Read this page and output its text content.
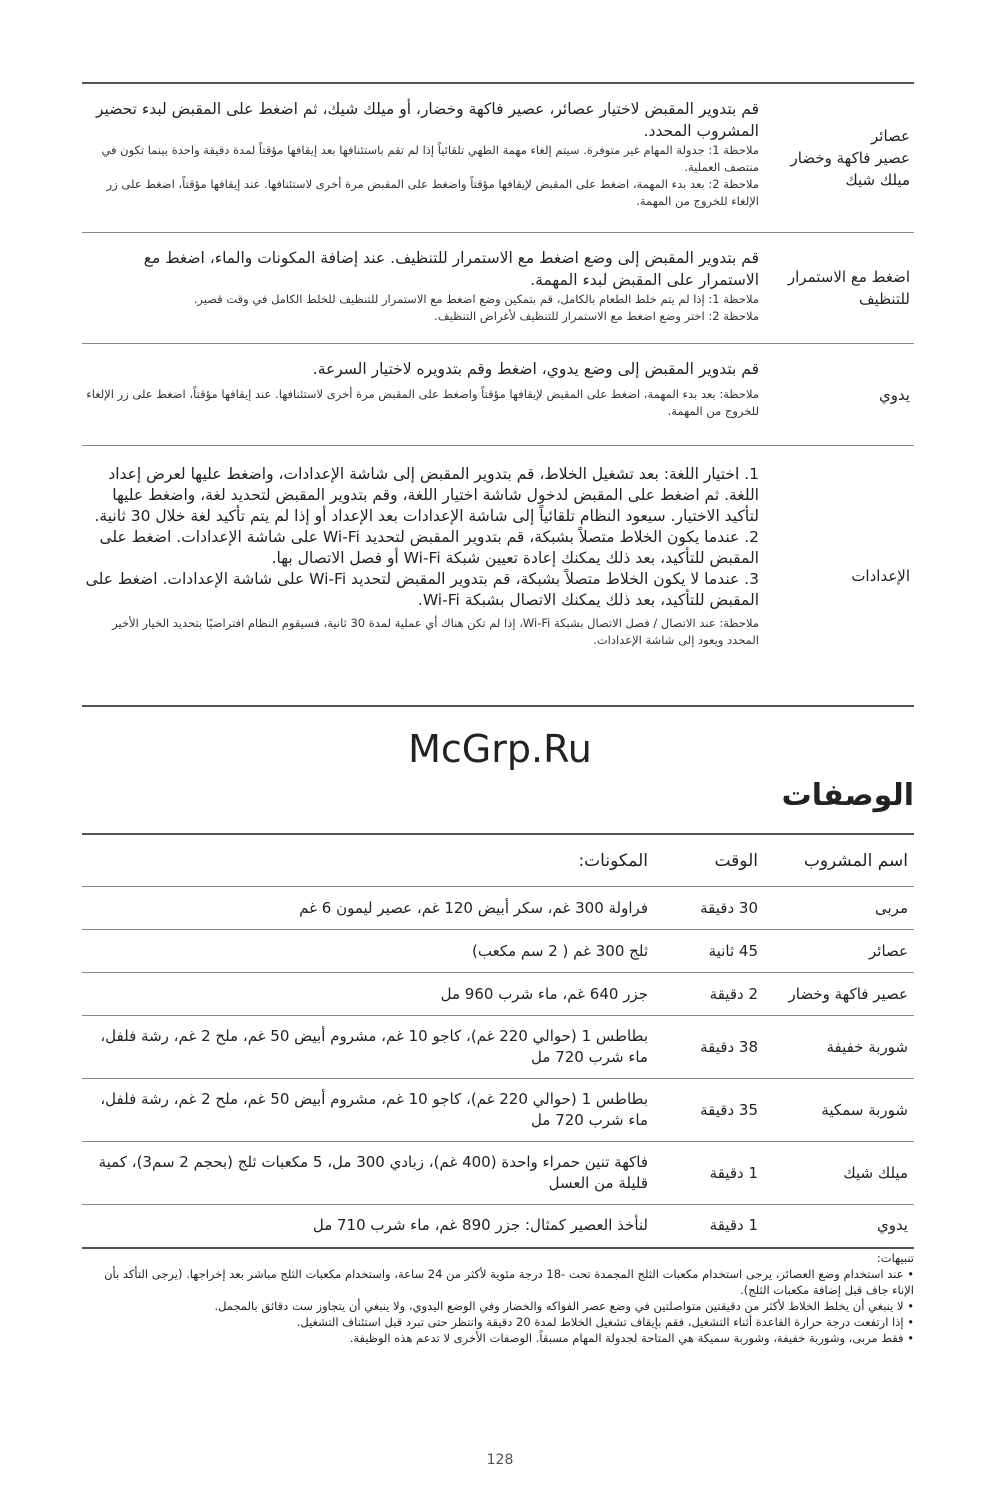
عصائر
عصير فاكهة وخضار
ميلك شيك

قم بتدوير المقبض لاختيار عصائر، عصير فاكهة وخضار، أو ميلك شيك، ثم اضغط على المقبض لبدء تحضير المشروب المحدد.

ملاحظة 1: جدولة المهام غير متوفرة. سيتم إلغاء مهمة الطهي تلقائياً إذا لم تقم باستئنافها بعد إيقافها مؤقتاً لمدة دقيقة واحدة بينما تكون في منتصف العملية.

ملاحظة 2: بعد بدء المهمة، اضغط على المقبض لإيقافها مؤقتاً واضغط على المقبض مرة أخرى لاستئنافها. عند إيقافها مؤقتاً، اضغط على زر الإلغاء للخروج من المهمة.

اضغط مع الاستمرار
للتنظيف

قم بتدوير المقبض إلى وضع اضغط مع الاستمرار للتنظيف. عند إضافة المكونات والماء، اضغط مع الاستمرار على المقبض لبدء المهمة.

ملاحظة 1: إذا لم يتم خلط الطعام بالكامل، قم بتمكين وضع اضغط مع الاستمرار للتنظيف للخلط الكامل في وقت قصير.

ملاحظة 2: اختر وضع اضغط مع الاستمرار للتنظيف لأغراض التنظيف.

يدوي

قم بتدوير المقبض إلى وضع يدوي، اضغط وقم بتدويره لاختيار السرعة.

ملاحظة: بعد بدء المهمة، اضغط على المقبض لإيقافها مؤقتاً واضغط على المقبض مرة أخرى لاستئنافها. عند إيقافها مؤقتاً، اضغط على زر الإلغاء للخروج من المهمة.

الإعدادات

1. اختيار اللغة: بعد تشغيل الخلاط، قم بتدوير المقبض إلى شاشة الإعدادات، واضغط عليها لعرض إعداد اللغة. ثم اضغط على المقبض لدخول شاشة اختيار اللغة، وقم بتدوير المقبض لتحديد لغة، واضغط عليها لتأكيد الاختيار. سيعود النظام تلقائياً إلى شاشة الإعدادات بعد الإعداد أو إذا لم يتم تأكيد لغة خلال 30 ثانية.

2. عندما يكون الخلاط متصلاً بشبكة، قم بتدوير المقبض لتحديد Wi-Fi على شاشة الإعدادات. اضغط على المقبض للتأكيد، بعد ذلك يمكنك إعادة تعيين شبكة Wi-Fi أو فصل الاتصال بها.

3. عندما لا يكون الخلاط متصلاً بشبكة، قم بتدوير المقبض لتحديد Wi-Fi على شاشة الإعدادات. اضغط على المقبض للتأكيد، بعد ذلك يمكنك الاتصال بشبكة Wi-Fi.

ملاحظة: عند الاتصال / فصل الاتصال بشبكة Wi-Fi، إذا لم تكن هناك أي عملية لمدة 30 ثانية، فسيقوم النظام افتراضيًا بتحديد الخيار الأخير المحدد ويعود إلى شاشة الإعدادات.

McGrp.Ru
الوصفات
اسم المشروب	الوقت	المكونات:
مربى	30 دقيقة	فراولة 300 غم، سكر أبيض 120 غم، عصير ليمون 6 غم
عصائر	45 ثانية	ثلج 300 غم ( 2 سم مكعب)
عصير فاكهة وخضار	2 دقيقة	جزر 640 غم، ماء شرب 960 مل
شوربة خفيفة	38 دقيقة	بطاطس 1 (حوالي 220 غم)، كاجو 10 غم، مشروم أبيض 50 غم، ملح 2 غم، رشة فلفل، ماء شرب 720 مل
شوربة سمكية	35 دقيقة	بطاطس 1 (حوالي 220 غم)، كاجو 10 غم، مشروم أبيض 50 غم، ملح 2 غم، رشة فلفل، ماء شرب 720 مل
ميلك شيك	1 دقيقة	فاكهة تنين حمراء واحدة (400 غم)، زبادي 300 مل، 5 مكعبات ثلج (بحجم 2 سم3)، كمية قليلة من العسل
يدوي	1 دقيقة	لنأخذ العصير كمثال: جزر 890 غم، ماء شرب 710 مل

تنبيهات:

• عند استخدام وضع العصائر، يرجى استخدام مكعبات الثلج المجمدة تحت -18 درجة مئوية لأكثر من 24 ساعة، واستخدام مكعبات الثلج مباشر بعد إخراجها. (يرجى التأكد بأن الإناء جاف قبل إضافة مكعبات الثلج).

• لا ينبغي أن يخلط الخلاط لأكثر من دقيقتين متواصلتين في وضع عصر الفواكه والخضار وفي الوضع اليدوي، ولا ينبغي أن يتجاوز ست دقائق بالمجمل.

• إذا ارتفعت درجة حرارة القاعدة أثناء التشغيل، فقم بإيقاف تشغيل الخلاط لمدة 20 دقيقة وانتظر حتى تبرد قبل استئناف التشغيل.

• فقط مربى، وشوربة خفيفة، وشوربة سميكة هي المتاحة لجدولة المهام مسبقاً. الوصفات الأخرى لا تدعم هذه الوظيفة.

128
